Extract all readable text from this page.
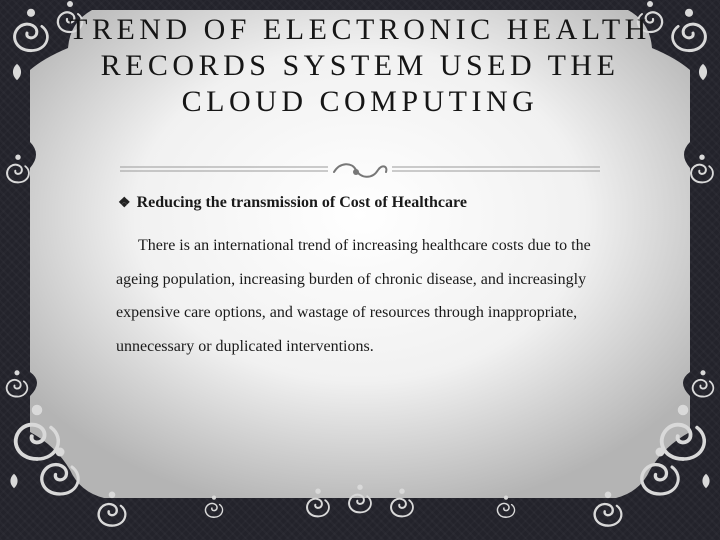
TREND OF ELECTRONIC HEALTH RECORDS SYSTEM USED THE CLOUD COMPUTING
❖ Reducing the transmission of Cost of Healthcare

There is an international trend of increasing healthcare costs due to the ageing population, increasing burden of chronic disease, and increasingly expensive care options, and wastage of resources through inappropriate, unnecessary or duplicated interventions.
